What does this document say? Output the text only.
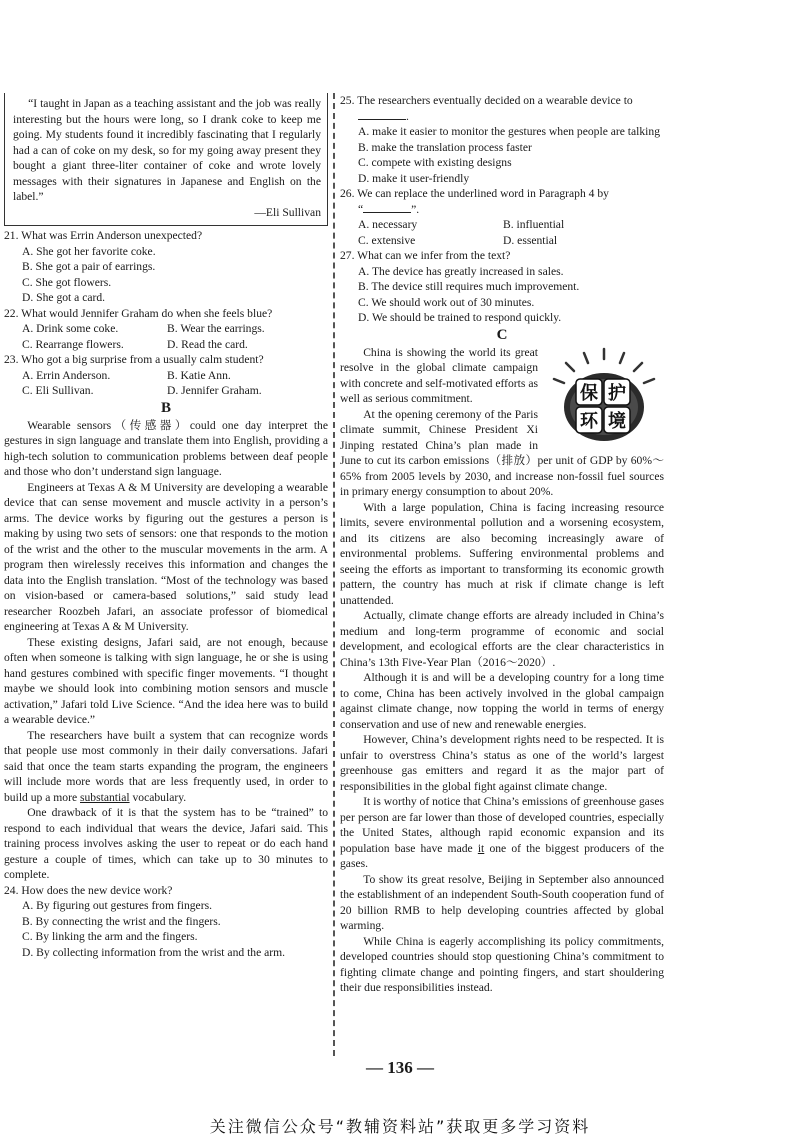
“I taught in Japan as a teaching assistant and the job was really interesting but the hours were long, so I drank coke to keep me going. My students found it incredibly fascinating that I regularly had a can of coke on my desk, so for my going away present they bought a giant three-liter container of coke and wrote lovely messages with their signatures in Japanese and English on the label.”

—Eli Sullivan

21. What was Errin Anderson unexpected?

A. She got her favorite coke.

B. She got a pair of earrings.

C. She got flowers.

D. She got a card.

22. What would Jennifer Graham do when she feels blue?

A. Drink some coke.	B. Wear the earrings.
C. Rearrange flowers.	D. Read the card.

23. Who got a big surprise from a usually calm student?

A. Errin Anderson.	B. Katie Ann.
C. Eli Sullivan.	D. Jennifer Graham.
B

Wearable sensors（传感器）could one day interpret the gestures in sign language and translate them into English, providing a high-tech solution to communication problems between deaf people and those who don’t understand sign language.

Engineers at Texas A & M University are developing a wearable device that can sense movement and muscle activity in a person’s arms. The device works by figuring out the gestures a person is making by using two sets of sensors: one that responds to the motion of the wrist and the other to the muscular movements in the arm. A program then wirelessly receives this information and changes the data into the English translation. “Most of the technology was based on vision-based or camera-based solutions,” said study lead researcher Roozbeh Jafari, an associate professor of biomedical engineering at Texas A & M University.

These existing designs, Jafari said, are not enough, because often when someone is talking with sign language, he or she is using hand gestures combined with specific finger movements. “I thought maybe we should look into combining motion sensors and muscle activation,” Jafari told Live Science. “And the idea here was to build a wearable device.”

The researchers have built a system that can recognize words that people use most commonly in their daily conversations. Jafari said that once the team starts expanding the program, the engineers will include more words that are less frequently used, in order to build up a more substantial vocabulary.

One drawback of it is that the system has to be “trained” to respond to each individual that wears the device, Jafari said. This training process involves asking the user to repeat or do each hand gesture a couple of times, which can take up to 30 minutes to complete.

24. How does the new device work?

A. By figuring out gestures from fingers.

B. By connecting the wrist and the fingers.

C. By linking the arm and the fingers.

D. By collecting information from the wrist and the arm.

25. The researchers eventually decided on a wearable device to

.

A. make it easier to monitor the gestures when people are talking

B. make the translation process faster

C. compete with existing designs

D. make it user-friendly

26. We can replace the underlined word in Paragraph 4 by

“	”.

A. necessary	B. influential
C. extensive	D. essential

27. What can we infer from the text?

A. The device has greatly increased in sales.

B. The device still requires much improvement.

C. We should work out of 30 minutes.

D. We should be trained to respond quickly.

C
保 护
环 境

China is showing the world its great resolve in the global climate campaign with concrete and self-motivated efforts as well as serious commitment.

At the opening ceremony of the Paris climate summit, Chinese President Xi Jinping restated China’s plan made in June to cut its carbon emissions（排放）per unit of GDP by 60%～65% from 2005 levels by 2030, and increase non-fossil fuel sources in primary energy consumption to about 20%.

With a large population, China is facing increasing resource limits, severe environmental pollution and a worsening ecosystem, and its citizens are also becoming increasingly aware of environmental problems. Suffering environmental problems and seeing the efforts as important to transforming its economic growth pattern, the country has much at risk if climate change is left unattended.

Actually, climate change efforts are already included in China’s medium and long-term programme of economic and social development, and ecological efforts are the clear characteristics in China’s 13th Five-Year Plan（2016～2020）.

Although it is and will be a developing country for a long time to come, China has been actively involved in the global campaign against climate change, now topping the world in terms of energy conservation and use of new and renewable energies.

However, China’s development rights need to be respected. It is unfair to overstress China’s status as one of the world’s largest greenhouse gas emitters and regard it as the major part of responsibilities in the global fight against climate change.

It is worthy of notice that China’s emissions of greenhouse gases per person are far lower than those of developed countries, especially the United States, although rapid economic expansion and its population base have made it one of the biggest producers of the gases.

To show its great resolve, Beijing in September also announced the establishment of an independent South-South cooperation fund of 20 billion RMB to help developing countries affected by global warming.

While China is eagerly accomplishing its policy commitments, developed countries should stop questioning China’s commitment to fighting climate change and pointing fingers, and start shouldering their due responsibilities instead.

— 136 —
关注微信公众号“教辅资料站”获取更多学习资料
